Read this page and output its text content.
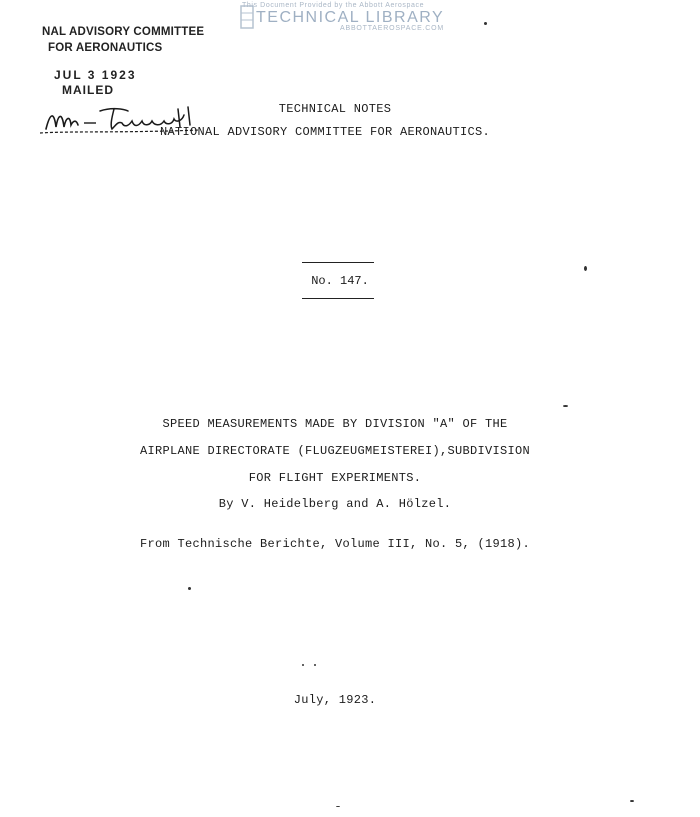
This Document Provided by the Abbott Aerospace
TECHNICAL LIBRARY
ABBOTTAEROSPACE.COM
NAL ADVISORY COMMITTEE
FOR AERONAUTICS
JUL 3 1923
MAILED
TECHNICAL NOTES
NATIONAL ADVISORY COMMITTEE FOR AERONAUTICS.
No. 147.
SPEED MEASUREMENTS MADE BY DIVISION "A" OF THE
AIRPLANE DIRECTORATE (FLUGZEUGMEISTEREI),SUBDIVISION
FOR FLIGHT EXPERIMENTS.
By V. Heidelberg and A. Hölzel.
From Technische Berichte, Volume III, No. 5, (1918).
July, 1923.
